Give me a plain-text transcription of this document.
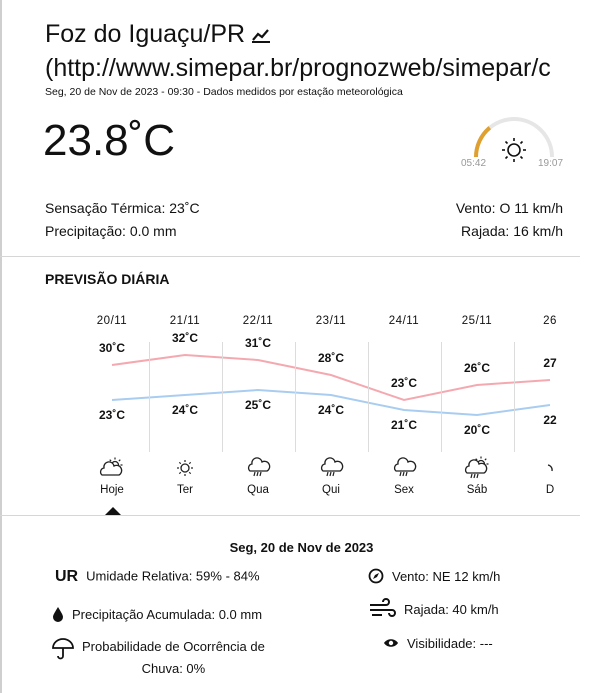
Foz do Iguaçu/PR
(http://www.simepar.br/prognozweb/simepar/c
Seg, 20 de Nov de 2023 - 09:30 - Dados medidos por estação meteorológica
23.8˚C	05:42	19:07
Sensação Térmica: 23˚C
Precipitação: 0.0 mm
Vento: O 11 km/h
Rajada: 16 km/h
PREVISÃO DIÁRIA
20/11
30˚C
23˚C
Hoje
21/11
32˚C
24˚C
Ter
22/11
31˚C
25˚C
Qua
23/11
28˚C
24˚C
Qui
24/11
23˚C
21˚C
Sex
25/11
26˚C
20˚C
Sáb
26
27
22
D
Seg, 20 de Nov de 2023
UR Umidade Relativa: 59% - 84%
Precipitação Acumulada: 0.0 mm
Probabilidade de Ocorrência de
Chuva: 0%
Vento: NE 12 km/h
Rajada: 40 km/h
Visibilidade: ---
